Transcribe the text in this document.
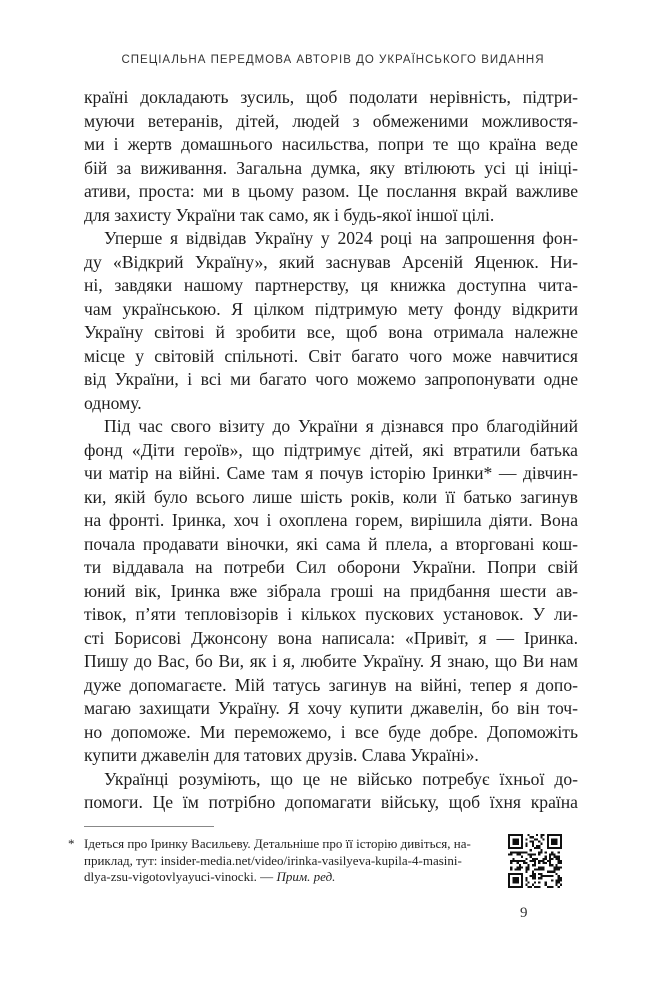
СПЕЦІАЛЬНА ПЕРЕДМОВА АВТОРІВ ДО УКРАЇНСЬКОГО ВИДАННЯ
країні докладають зусиль, щоб подолати нерівність, підтри-
муючи ветеранів, дітей, людей з обмеженими можливостя-
ми і жертв домашнього насильства, попри те що країна веде
бій за виживання. Загальна думка, яку втілюють усі ці ініці-
ативи, проста: ми в цьому разом. Це послання вкрай важливе
для захисту України так само, як і будь-якої іншої цілі.
Уперше я відвідав Україну у 2024 році на запрошення фон-
ду «Відкрий Україну», який заснував Арсеній Яценюк. Ни-
ні, завдяки нашому партнерству, ця книжка доступна чита-
чам українською. Я цілком підтримую мету фонду відкрити
Україну світові й зробити все, щоб вона отримала належне
місце у світовій спільноті. Світ багато чого може навчитися
від України, і всі ми багато чого можемо запропонувати одне
одному.
Під час свого візиту до України я дізнався про благодійний
фонд «Діти героїв», що підтримує дітей, які втратили батька
чи матір на війні. Саме там я почув історію Іринки* — дівчин-
ки, якій було всього лише шість років, коли її батько загинув
на фронті. Іринка, хоч і охоплена горем, вирішила діяти. Вона
почала продавати віночки, які сама й плела, а вторговані кош-
ти віддавала на потреби Сил оборони України. Попри свій
юний вік, Іринка вже зібрала гроші на придбання шести ав-
тівок, п’яти тепловізорів і кількох пускових установок. У ли-
сті Борисові Джонсону вона написала: «Привіт, я — Іринка.
Пишу до Вас, бо Ви, як і я, любите Україну. Я знаю, що Ви нам
дуже допомагаєте. Мій татусь загинув на війні, тепер я допо-
магаю захищати Україну. Я хочу купити джавелін, бо він точ-
но допоможе. Ми переможемо, і все буде добре. Допоможіть
купити джавелін для татових друзів. Слава Україні».
Українці розуміють, що це не військо потребує їхньої до-
помоги. Це їм потрібно допомагати війську, щоб їхня країна
* Ідеться про Іринку Васильеву. Детальніше про її історію дивіться, на-
приклад, тут: insider-media.net/video/irinka-vasilyeva-kupila-4-masini-
dlya-zsu-vigotovlyayuci-vinocki. — Прим. ред.
9
